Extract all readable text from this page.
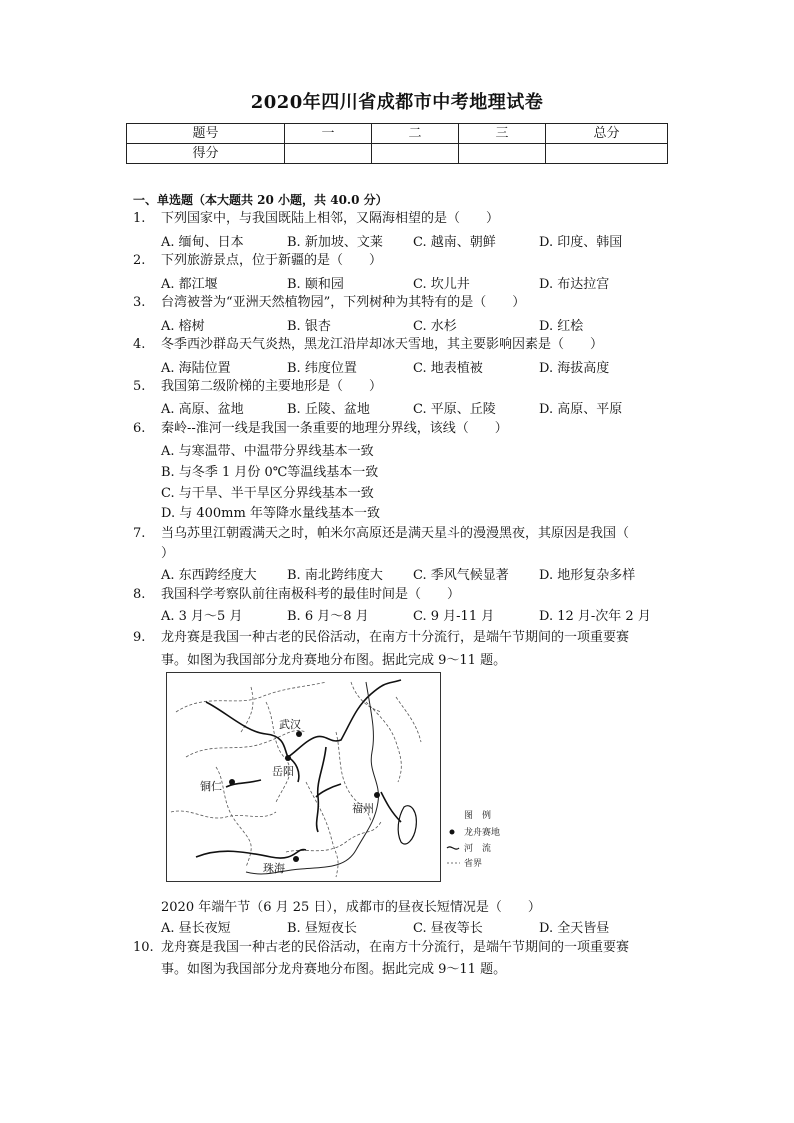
2020年四川省成都市中考地理试卷
题号	一	二	三	总分
得分				
一、单选题（本大题共 20 小题，共 40.0 分）
1.	下列国家中，与我国既陆上相邻，又隔海相望的是（　　）
A. 缅甸、日本	B. 新加坡、文莱 C. 越南、朝鲜	D. 印度、韩国
2.	下列旅游景点，位于新疆的是（　　）
A. 都江堰	B. 颐和园	C. 坎儿井	D. 布达拉宫
3.	台湾被誉为“亚洲天然植物园”，下列树种为其特有的是（　　）
A. 榕树	B. 银杏	C. 水杉	D. 红桧
4.	冬季西沙群岛天气炎热，黑龙江沿岸却冰天雪地，其主要影响因素是（　　）
A. 海陆位置	B. 纬度位置	C. 地表植被	D. 海拔高度
5.	我国第二级阶梯的主要地形是（　　）
A. 高原、盆地	B. 丘陵、盆地	C. 平原、丘陵	D. 高原、平原
6.	秦岭--淮河一线是我国一条重要的地理分界线，该线（　　）
A. 与寒温带、中温带分界线基本一致
B. 与冬季 1 月份 0℃等温线基本一致
C. 与干旱、半干旱区分界线基本一致
D. 与 400mm 年等降水量线基本一致
7.	当乌苏里江朝霞满天之时，帕米尔高原还是满天星斗的漫漫黑夜，其原因是我国（
）
A. 东西跨经度大 B. 南北跨纬度大 C. 季风气候显著 D. 地形复杂多样
8.	我国科学考察队前往南极科考的最佳时间是（　　）
A. 3 月～5 月	B. 6 月～8 月	C. 9 月-11 月	D. 12 月-次年 2 月
9.	龙舟赛是我国一种古老的民俗活动，在南方十分流行，是端午节期间的一项重要赛
事。如图为我国部分龙舟赛地分布图。据此完成 9～11 题。
武汉
岳阳
铜仁
福州
珠海
图　例
龙舟赛地
河　流
省界
2020 年端午节（6 月 25 日），成都市的昼夜长短情况是（　　）
A. 昼长夜短	B. 昼短夜长	C. 昼夜等长	D. 全天皆昼
10. 龙舟赛是我国一种古老的民俗活动，在南方十分流行，是端午节期间的一项重要赛
事。如图为我国部分龙舟赛地分布图。据此完成 9～11 题。
